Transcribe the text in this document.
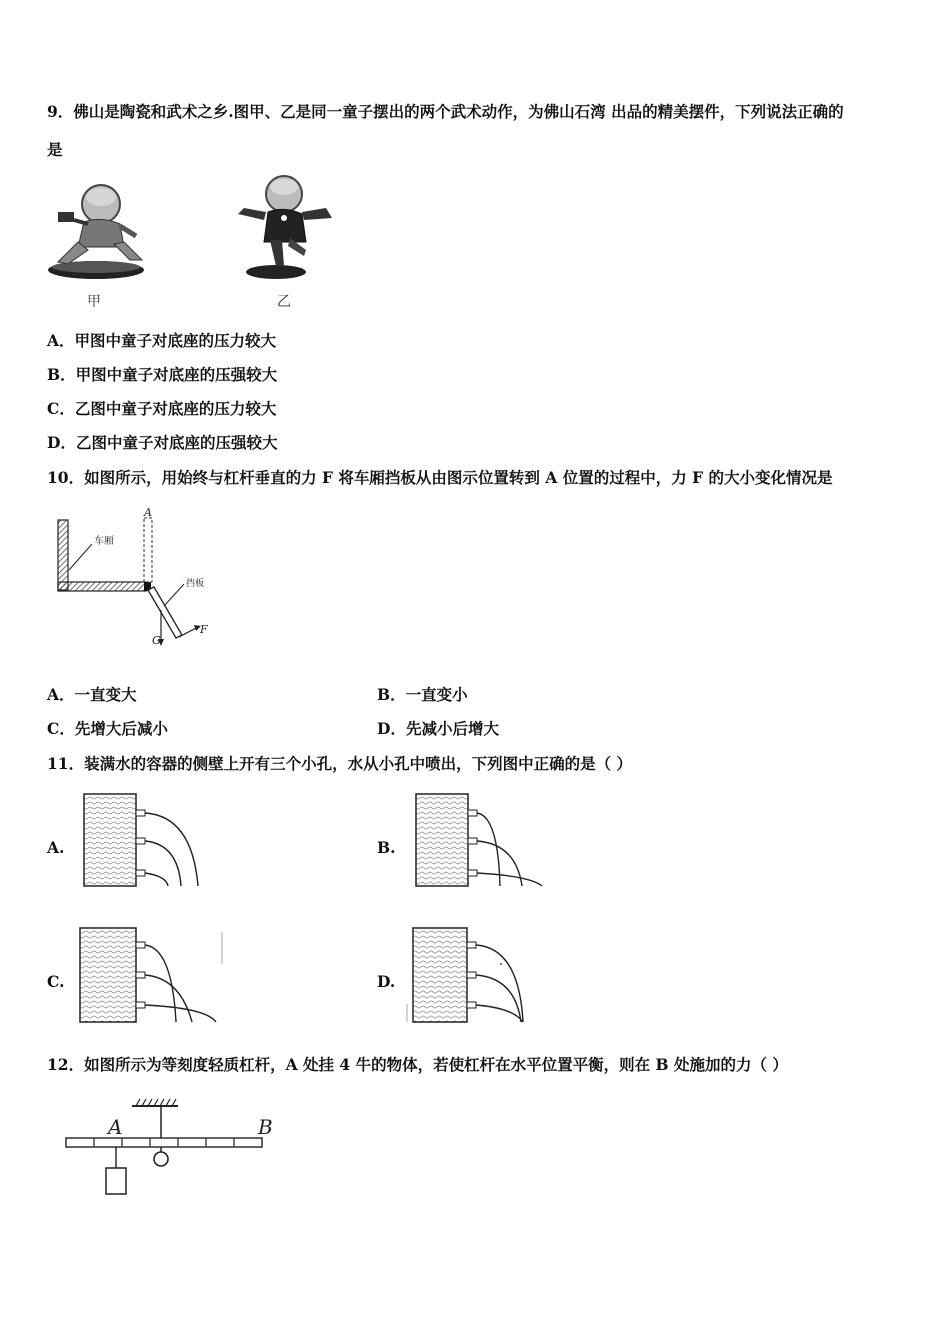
9．佛山是陶瓷和武术之乡.图甲、乙是同一童子摆出的两个武术动作，为佛山石湾 出品的精美摆件，下列说法正确的
是
甲	乙
A．甲图中童子对底座的压力较大
B．甲图中童子对底座的压强较大
C．乙图中童子对底座的压力较大
D．乙图中童子对底座的压强较大
10．如图所示，用始终与杠杆垂直的力 F 将车厢挡板从由图示位置转到 A 位置的过程中，力 F 的大小变化情况是
A
车厢
挡板
G
F
A．一直变大	B．一直变小
C．先增大后减小	D．先减小后增大
11．装满水的容器的侧壁上开有三个小孔，水从小孔中喷出，下列图中正确的是（ ）
A.	B.
C.	D.
12．如图所示为等刻度轻质杠杆，A 处挂 4 牛的物体，若使杠杆在水平位置平衡，则在 B 处施加的力（ ）
A	B
